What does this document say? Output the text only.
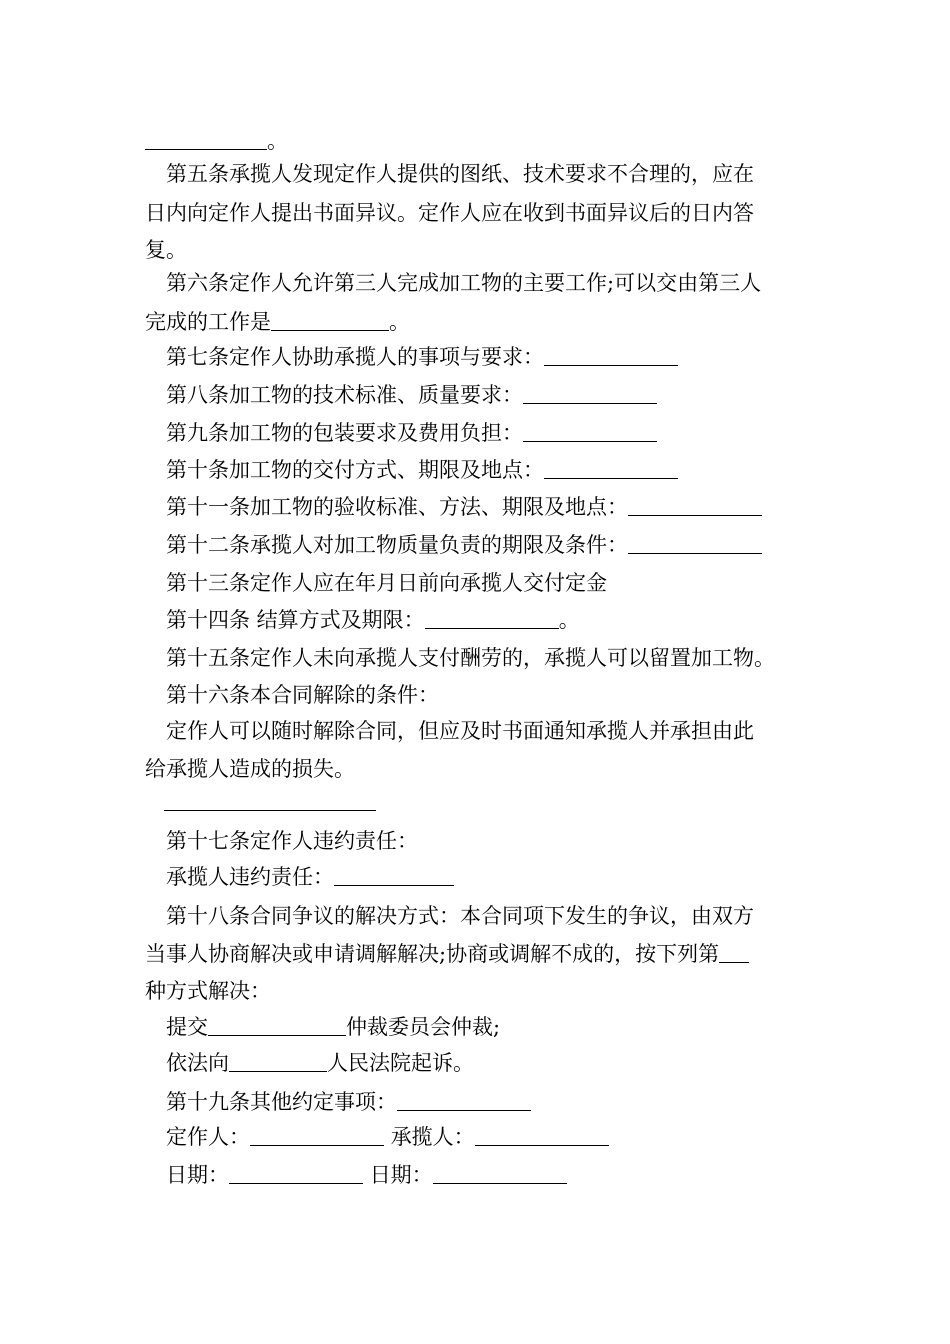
。
第五条承揽人发现定作人提供的图纸、技术要求不合理的，应在
日内向定作人提出书面异议。定作人应在收到书面异议后的日内答
复。
第六条定作人允许第三人完成加工物的主要工作;可以交由第三人
完成的工作是	。
第七条定作人协助承揽人的事项与要求：
第八条加工物的技术标准、质量要求：
第九条加工物的包装要求及费用负担：
第十条加工物的交付方式、期限及地点：
第十一条加工物的验收标准、方法、期限及地点：
第十二条承揽人对加工物质量负责的期限及条件：
第十三条定作人应在年月日前向承揽人交付定金
第十四条 结算方式及期限：	。
第十五条定作人未向承揽人支付酬劳的，承揽人可以留置加工物。
第十六条本合同解除的条件：
定作人可以随时解除合同，但应及时书面通知承揽人并承担由此
给承揽人造成的损失。
第十七条定作人违约责任：
承揽人违约责任：
第十八条合同争议的解决方式：本合同项下发生的争议，由双方
当事人协商解决或申请调解解决;协商或调解不成的，按下列第
种方式解决：
提交	仲裁委员会仲裁;
依法向	人民法院起诉。
第十九条其他约定事项：
定作人：	承揽人：
日期：	日期：
